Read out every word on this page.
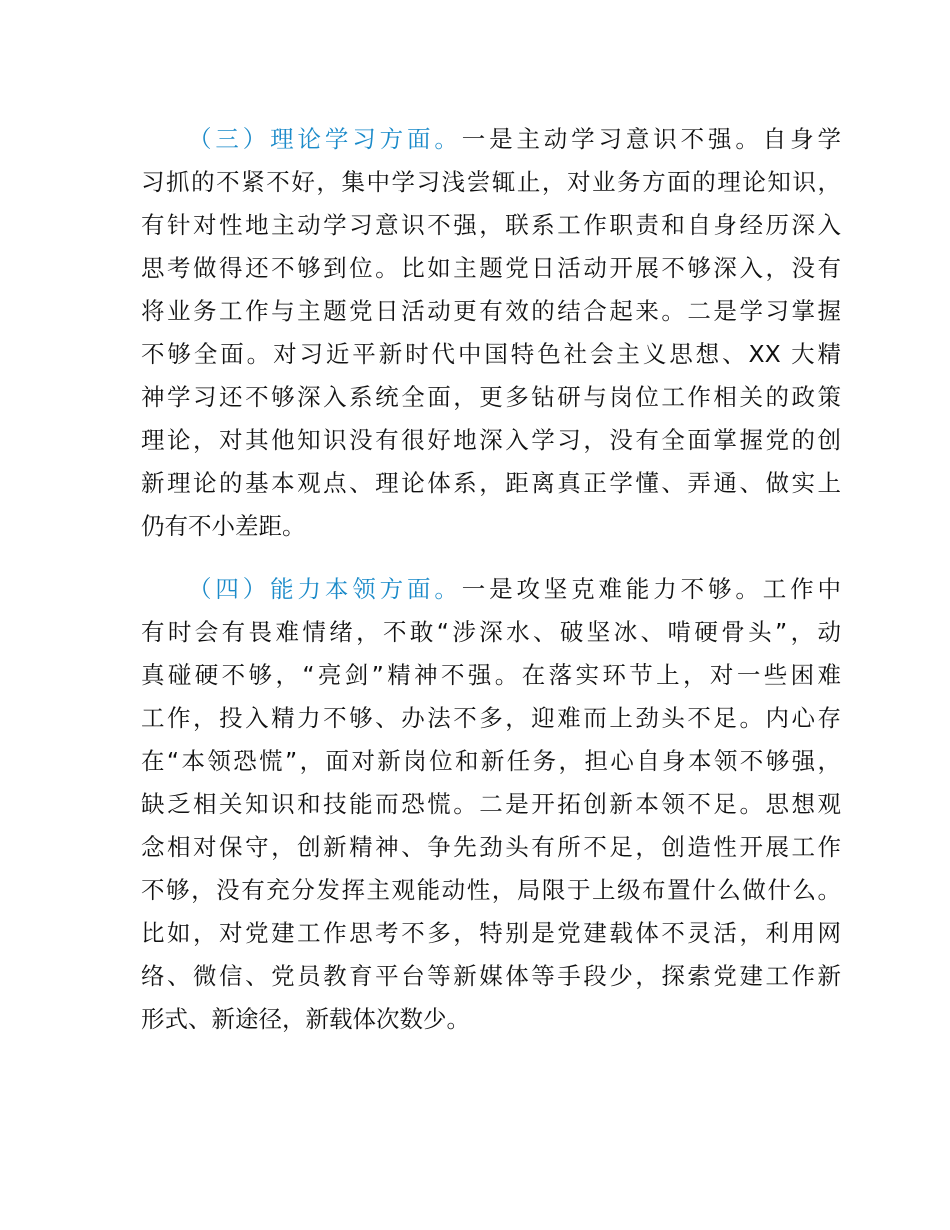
（三）理论学习方面。一是主动学习意识不强。自身学
习抓的不紧不好，集中学习浅尝辄止，对业务方面的理论知识，
有针对性地主动学习意识不强，联系工作职责和自身经历深入
思考做得还不够到位。比如主题党日活动开展不够深入，没有
将业务工作与主题党日活动更有效的结合起来。二是学习掌握
不够全面。对习近平新时代中国特色社会主义思想、XX 大精
神学习还不够深入系统全面，更多钻研与岗位工作相关的政策
理论，对其他知识没有很好地深入学习，没有全面掌握党的创
新理论的基本观点、理论体系，距离真正学懂、弄通、做实上
仍有不小差距。
（四）能力本领方面。一是攻坚克难能力不够。工作中
有时会有畏难情绪，不敢“涉深水、破坚冰、啃硬骨头”，动
真碰硬不够，“亮剑”精神不强。在落实环节上，对一些困难
工作，投入精力不够、办法不多，迎难而上劲头不足。内心存
在“本领恐慌”，面对新岗位和新任务，担心自身本领不够强，
缺乏相关知识和技能而恐慌。二是开拓创新本领不足。思想观
念相对保守，创新精神、争先劲头有所不足，创造性开展工作
不够，没有充分发挥主观能动性，局限于上级布置什么做什么。
比如，对党建工作思考不多，特别是党建载体不灵活，利用网
络、微信、党员教育平台等新媒体等手段少，探索党建工作新
形式、新途径，新载体次数少。
